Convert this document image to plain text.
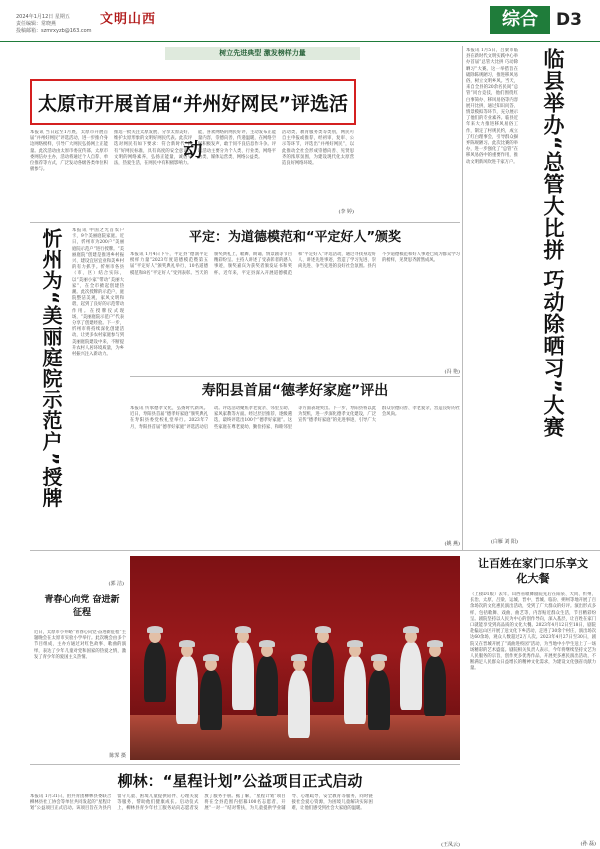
2024年1月12日 星期五
责任编辑：常晓燕
投稿邮箱：szmrxyzb@163.com
文明山西	综合	D3
树立先进典型 激发榜样力量
太原市开展首届“并州好网民”评选活动
本报讯 当日起至1月底，太原市开展首届“并州好网民”评选活动，进一步推介身边网络榜样，引导广大网民弘扬网上正能量。此次活动由太原市委宣传部、太原市委网信办主办，活动将通过个人自荐、单位推荐等方式，广泛发动各级各类单位积极参与。
推选一批关注太原发展、分享太原美好、维护太原形象的文明好网民代表。此次评选对网民有如下要求：符合新时代“四有”好网民标准，具有高度的安全意识，文明的网络素养，弘扬正能量，诚信守法，热爱生活，在网民中有积极影响力。
能，喜欢网络的网民好评，主动发布正能量内容，崇德向善，传递温暖，在网络空间积极发声，敢于同不良信息作斗争。评选活动主要分为个人类、行业类、网络平台类、媒体运营类、网络公益类。
活动类，教育服务类等类别，网民可自主申报或推荐，经初审、复审、公示等环节，评选出“并州好网民”，以此推动全社会形成崇德向善、见贤思齐的浓厚氛围，为建设现代化太原营造良好网络环境。
(李 婷)
本报讯 1月5日，吕梁市临县在新时代文明实践中心举办首届“总管大比拼 巧动除晒习”大赛。这一举措旨在破除陈规陋习，推进移风易俗，树立文明乡风。当天，来自全县的20余名民间“总管”同台竞技，他们围绕红白事简办、移风易俗等内容展开比拼，通过知识问答、情景模拟等环节，充分展示了他们的专业素养。临县近年来大力推进移风易俗工作，制定了村规民约，成立了红白理事会，引导群众摒弃陈规陋习。此次比赛的举办，进一步强化了“总管”在移风易俗中的重要作用，推动文明新风吹进千家万户。	临县举办“总管大比拼 巧动除晒习”大赛
(白雁 刘 阳)
忻州为“美丽庭院示范户”授牌	本报讯 中国之光首农户卡，9个美丽庭院家庭。近日，忻州市为200户“美丽庭院示范户”进行授牌。“美丽庭院”创建是推进乡村振兴、建设宜居宜业和美乡村的有力抓手。忻州市各县（市、区）结合实际，以“美丽小家”带动“美丽大家”，在全市掀起创建热潮。此次授牌的示范户，庭院整洁美观，家风文明和谐，起到了良好的示范带动作用。在授牌仪式现场，“美丽庭院示范户”代表分享了创建经验。下一步，忻州市将持续深化创建活动，让更多农村家庭参与到美丽庭院建设中来，不断提升农村人居环境质量，为乡村振兴注入新动力。
(郭 洁)
平定：为道德模范和“平定好人”颁奖
本报讯 1月4日下午，平定县“德润平定 榜样力量”2023年度道德模范暨第五届“平定好人”颁奖典礼举行，10名道德模范和8名“平定好人”受到表彰。当天的颁奖典礼上，歌舞、朗诵、情景剧等节目精彩纷呈。主持人讲述了受表彰者的感人事迹，颁奖嘉宾为获奖者颁发证书和奖杯。近年来，平定县深入开展道德模范和“平定好人”评选活动，通过寻找身边好人、讲述先进事迹，营造了学习先进、崇尚先进、争当先进的良好社会氛围。县内不少道德模范和好人事迹已成为群众学习的榜样，见贤思齐蔚然成风。
(冯 艳)
寿阳县首届“德孝好家庭”评出
本报讯 传承德孝文化，弘扬时代新风。近日，寿阳县首届“德孝好家庭”颁奖典礼在寿阳县委党校礼堂举行。2023年7月，寿阳县首届“德孝好家庭”评选活动启动。评选活动聚焦孝老爱亲、邻里互助、家风家教等方面。经过层层推荐、逐级遴选，最终评选出100个“德孝好家庭”。这些家庭在尊老爱幼、勤俭持家、和睦邻里等方面表现突出。下一步，寿阳县将以此为契机，进一步深化德孝文化建设，广泛宣传“德孝好家庭”的先进事迹，引导广大群众崇德向善、孝老爱亲，营造良好的社会风尚。
(姚 燕)
青春心向党 奋进新征程
近日，太原市小井峪“青春心向党·奋进新征程”主题晚会在太原市实验小学举行。此次晚会由多个节目组成，主办方通过对红色故事、歌曲的演绎，表达了少年儿童对党和国家的热爱之情，激发了青少年的爱国主义热情。
陈霁 摄
柳林：“星程计划”公益项目正式启动
本报讯 1月31日，由共青团柳林县委联合柳林县社工协会等单位共同发起的“星程计划”公益项目正式启动。该项目旨在为县内留守儿童、困境儿童提供陪伴、心理关爱等服务，帮助他们健康成长。启动仪式上，柳林县青少年社工服务站向志愿者发放了服务手册。据了解，“星程计划”项目将在全县范围内招募100名志愿者，开展“一对一”结对帮扶，为儿童提供学业辅导、心理疏导、安全教育等服务，同时链接社会爱心资源，为困境儿童解决实际困难，让他们感受到社会大家庭的温暖。
(王凤云)
让百姓在家门口乐享文化大餐
（上接D1版）去年，山西省歌舞剧院先后在阳泉、大同、忻州、长治、太原、吕梁、运城、晋中、晋城、临汾、朔州等地开展了百余场次的文化惠民演出活动，受到了广大群众的好评。演出形式多样，包括歌舞、戏曲、曲艺等，内容贴近群众生活，节目精彩纷呈。剧院坚持以人民为中心的创作导向，深入基层，让百姓在家门口就能享受到高品质的文化大餐。2023年4月12日至18日，剧院赴偏远山区开展了送文化下乡活动，走进了30余个村庄，演出场次达60余场，观众人数超过2万人次。2023年4月27日至30日，剧院又在晋城开展了“戏曲进校园”活动，为当地中小学生送上了一场场精彩的艺术盛宴。剧院相关负责人表示，今年将继续坚持文艺为人民服务的宗旨，创作更多优秀作品，开展更多惠民演出活动，不断满足人民群众日益增长的精神文化需求，为建设文化强省贡献力量。
(孙 磊)
